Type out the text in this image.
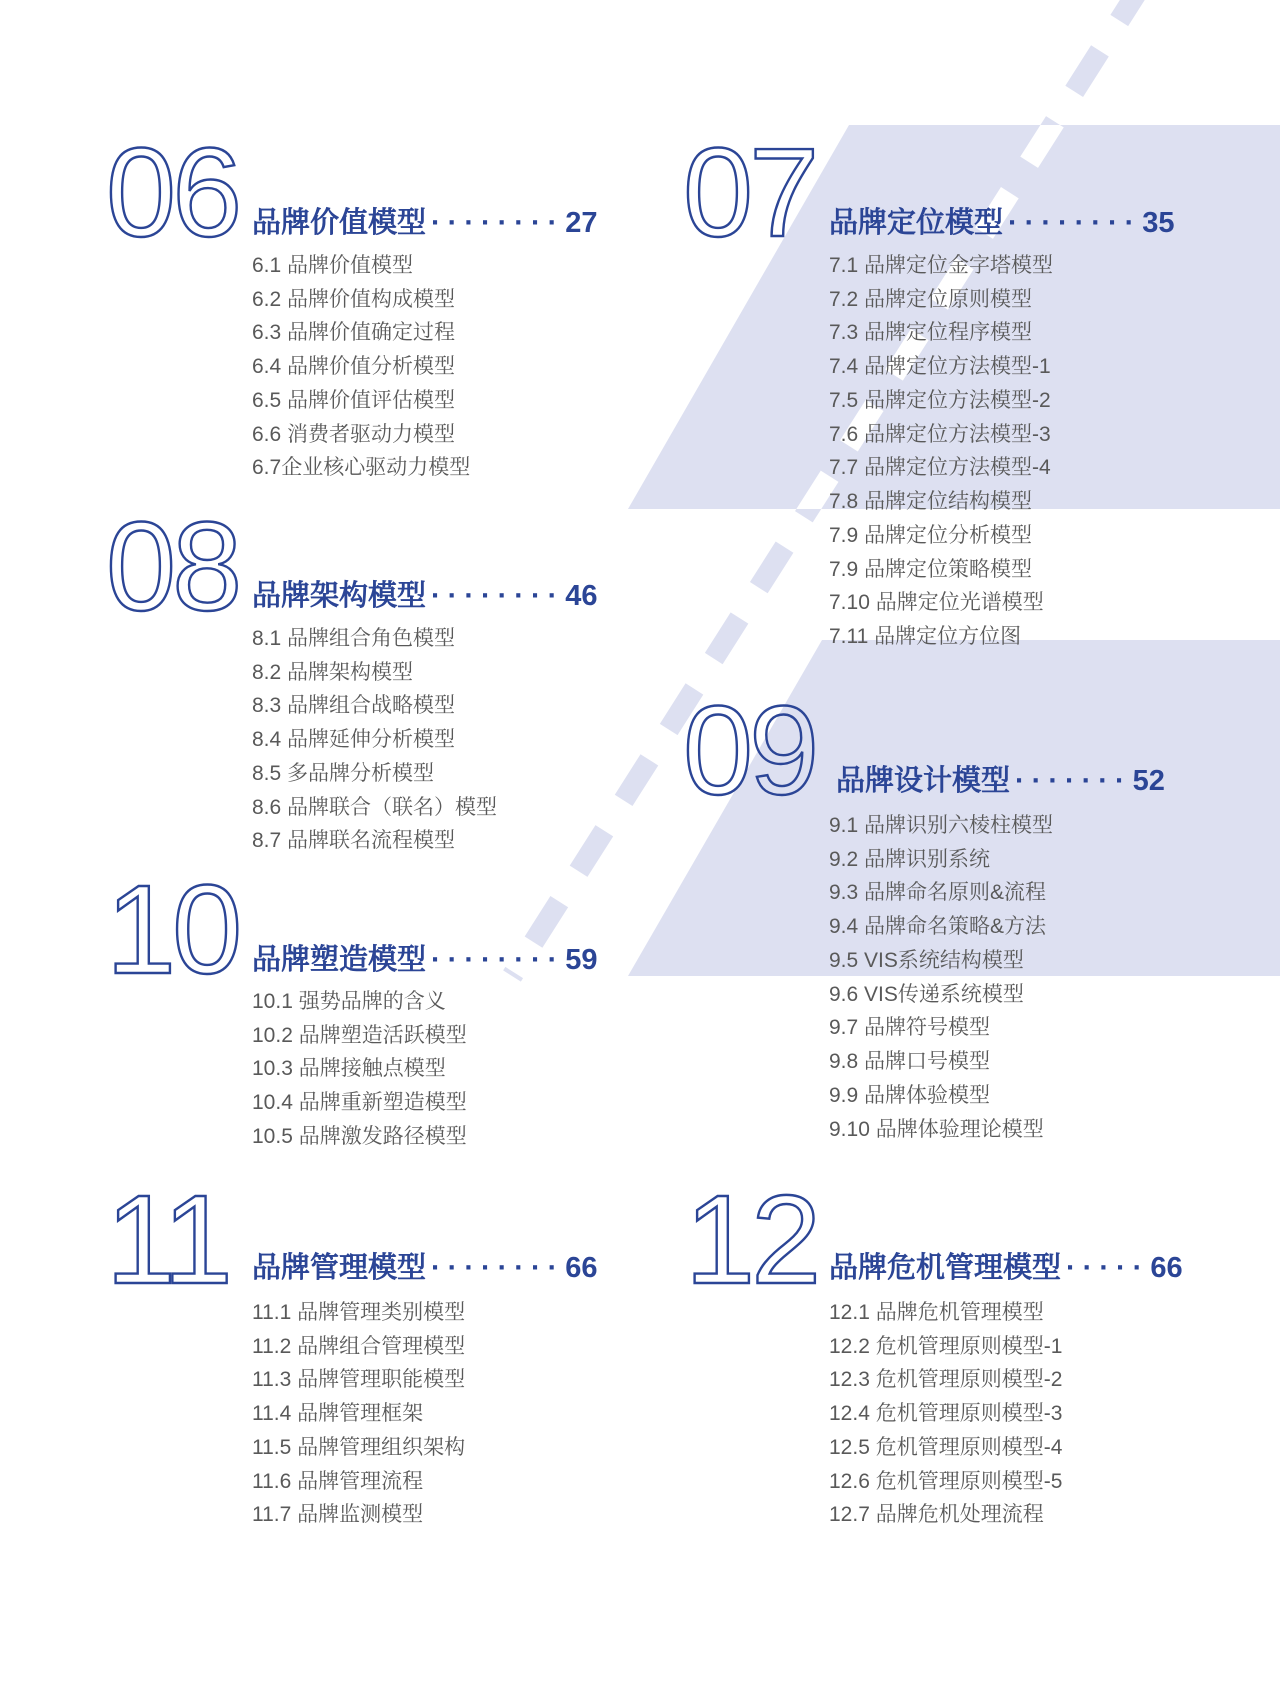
06 品牌价值模型 ········27
6.1 品牌价值模型
6.2 品牌价值构成模型
6.3 品牌价值确定过程
6.4 品牌价值分析模型
6.5 品牌价值评估模型
6.6 消费者驱动力模型
6.7企业核心驱动力模型
07 品牌定位模型 ········35
7.1 品牌定位金字塔模型
7.2 品牌定位原则模型
7.3 品牌定位程序模型
7.4 品牌定位方法模型-1
7.5 品牌定位方法模型-2
7.6 品牌定位方法模型-3
7.7 品牌定位方法模型-4
7.8 品牌定位结构模型
7.9 品牌定位分析模型
7.9 品牌定位策略模型
7.10 品牌定位光谱模型
7.11 品牌定位方位图
08 品牌架构模型 ········46
8.1 品牌组合角色模型
8.2 品牌架构模型
8.3 品牌组合战略模型
8.4 品牌延伸分析模型
8.5 多品牌分析模型
8.6 品牌联合（联名）模型
8.7 品牌联名流程模型
09 品牌设计模型 ·······52
9.1 品牌识别六棱柱模型
9.2 品牌识别系统
9.3 品牌命名原则&流程
9.4 品牌命名策略&方法
9.5 VIS系统结构模型
9.6 VIS传递系统模型
9.7 品牌符号模型
9.8 品牌口号模型
9.9 品牌体验模型
9.10 品牌体验理论模型
10 品牌塑造模型 ········59
10.1 强势品牌的含义
10.2 品牌塑造活跃模型
10.3 品牌接触点模型
10.4 品牌重新塑造模型
10.5 品牌激发路径模型
11 品牌管理模型 ········66
11.1 品牌管理类别模型
11.2 品牌组合管理模型
11.3 品牌管理职能模型
11.4 品牌管理框架
11.5 品牌管理组织架构
11.6 品牌管理流程
11.7 品牌监测模型
12 品牌危机管理模型 ·····66
12.1 品牌危机管理模型
12.2 危机管理原则模型-1
12.3 危机管理原则模型-2
12.4 危机管理原则模型-3
12.5 危机管理原则模型-4
12.6 危机管理原则模型-5
12.7 品牌危机处理流程
